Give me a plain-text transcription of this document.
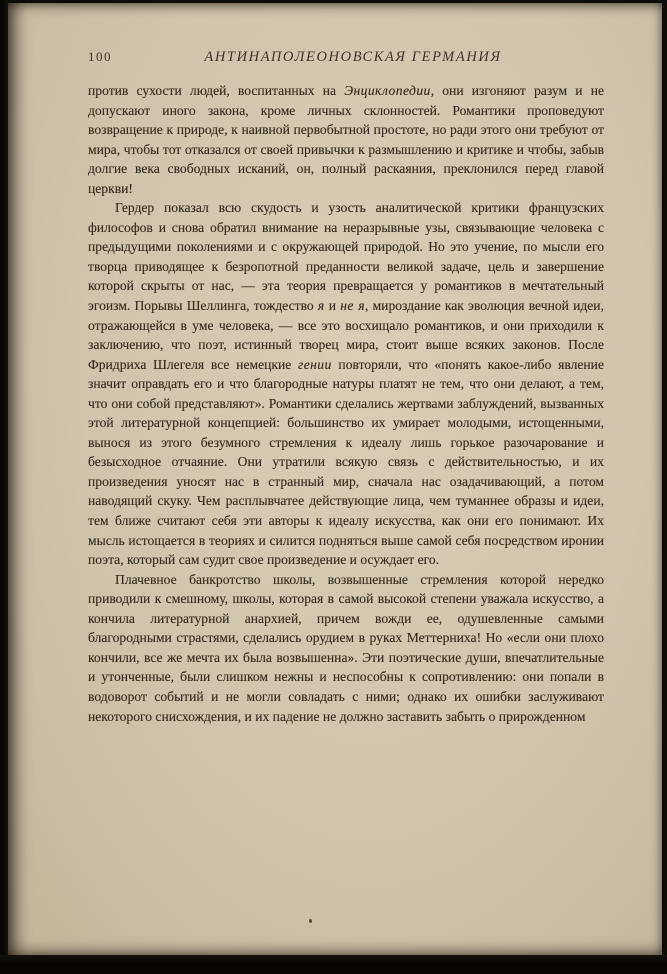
100	АНТИНАПОЛЕОНОВСКАЯ ГЕРМАНИЯ

против сухости людей, воспитанных на Энциклопедии, они изгоняют разум и не допускают иного закона, кроме личных склонностей. Романтики проповедуют возвращение к природе, к наивной первобытной простоте, но ради этого они требуют от мира, чтобы тот отказался от своей привычки к размышлению и критике и чтобы, забыв долгие века свободных исканий, он, полный раскаяния, преклонился перед главой церкви!

Гердер показал всю скудость и узость аналитической критики французских философов и снова обратил внимание на неразрывные узы, связывающие человека с предыдущими поколениями и с окружающей природой. Но это учение, по мысли его творца приводящее к безропотной преданности великой задаче, цель и завершение которой скрыты от нас, — эта теория превращается у романтиков в мечтательный эгоизм. Порывы Шеллинга, тождество я и не я, мироздание как эволюция вечной идеи, отражающейся в уме человека, — все это восхищало романтиков, и они приходили к заключению, что поэт, истинный творец мира, стоит выше всяких законов. После Фридриха Шлегеля все немецкие гении повторяли, что «понять какое-либо явление значит оправдать его и что благородные натуры платят не тем, что они делают, а тем, что они собой представляют». Романтики сделались жертвами заблуждений, вызванных этой литературной концепцией: большинство их умирает молодыми, истощенными, вынося из этого безумного стремления к идеалу лишь горькое разочарование и безысходное отчаяние. Они утратили всякую связь с действительностью, и их произведения уносят нас в странный мир, сначала нас озадачивающий, а потом наводящий скуку. Чем расплывчатее действующие лица, чем туманнее образы и идеи, тем ближе считают себя эти авторы к идеалу искусства, как они его понимают. Их мысль истощается в теориях и силится подняться выше самой себя посредством иронии поэта, который сам судит свое произведение и осуждает его.

Плачевное банкротство школы, возвышенные стремления которой нередко приводили к смешному, школы, которая в самой высокой степени уважала искусство, а кончила литературной анархией, причем вожди ее, одушевленные самыми благородными страстями, сделались орудием в руках Меттерниха! Но «если они плохо кончили, все же мечта их была возвышенна». Эти поэтические души, впечатлительные и утонченные, были слишком нежны и неспособны к сопротивлению: они попали в водоворот событий и не могли совладать с ними; однако их ошибки заслуживают некоторого снисхождения, и их падение не должно заставить забыть о прирожденном
